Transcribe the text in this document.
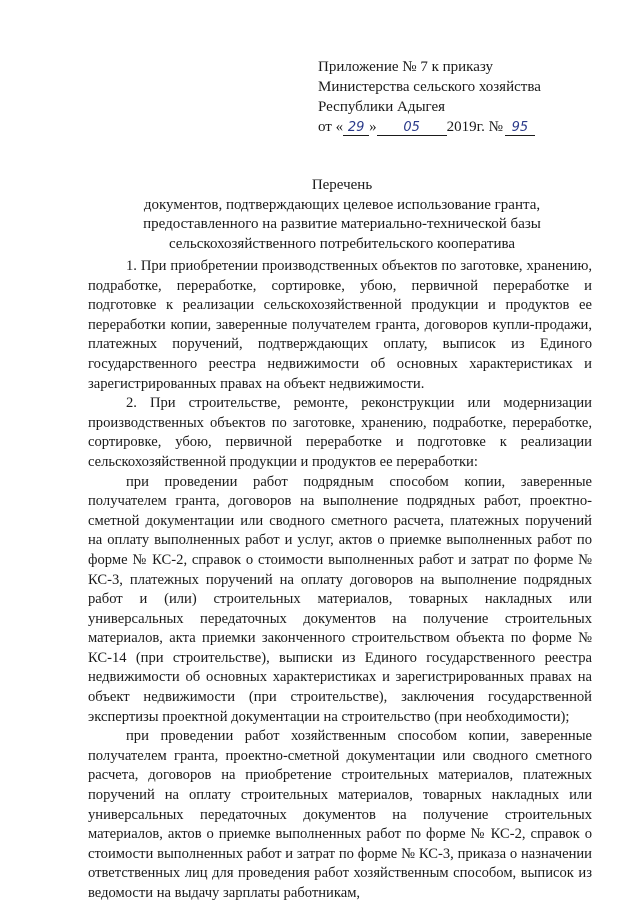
Приложение № 7 к приказу
Министерства сельского хозяйства
Республики Адыгея
от « 29 » 05 2019г. № 95
Перечень
документов, подтверждающих целевое использование гранта,
предоставленного на развитие материально-технической базы
сельскохозяйственного потребительского кооператива

1. При приобретении производственных объектов по заготовке, хранению, подработке, переработке, сортировке, убою, первичной переработке и подготовке к реализации сельскохозяйственной продукции и продуктов ее переработки копии, заверенные получателем гранта, договоров купли-продажи, платежных поручений, подтверждающих оплату, выписок из Единого государственного реестра недвижимости об основных характеристиках и зарегистрированных правах на объект недвижимости.

2. При строительстве, ремонте, реконструкции или модернизации производственных объектов по заготовке, хранению, подработке, переработке, сортировке, убою, первичной переработке и подготовке к реализации сельскохозяйственной продукции и продуктов ее переработки:

при проведении работ подрядным способом копии, заверенные получателем гранта, договоров на выполнение подрядных работ, проектно-сметной документации или сводного сметного расчета, платежных поручений на оплату выполненных работ и услуг, актов о приемке выполненных работ по форме № КС-2, справок о стоимости выполненных работ и затрат по форме № КС-3, платежных поручений на оплату договоров на выполнение подрядных работ и (или) строительных материалов, товарных накладных или универсальных передаточных документов на получение строительных материалов, акта приемки законченного строительством объекта по форме № КС-14 (при строительстве), выписки из Единого государственного реестра недвижимости об основных характеристиках и зарегистрированных правах на объект недвижимости (при строительстве), заключения государственной экспертизы проектной документации на строительство (при необходимости);

при проведении работ хозяйственным способом копии, заверенные получателем гранта, проектно-сметной документации или сводного сметного расчета, договоров на приобретение строительных материалов, платежных поручений на оплату строительных материалов, товарных накладных или универсальных передаточных документов на получение строительных материалов, актов о приемке выполненных работ по форме № КС-2, справок о стоимости выполненных работ и затрат по форме № КС-3, приказа о назначении ответственных лиц для проведения работ хозяйственным способом, выписок из ведомости на выдачу зарплаты работникам,
